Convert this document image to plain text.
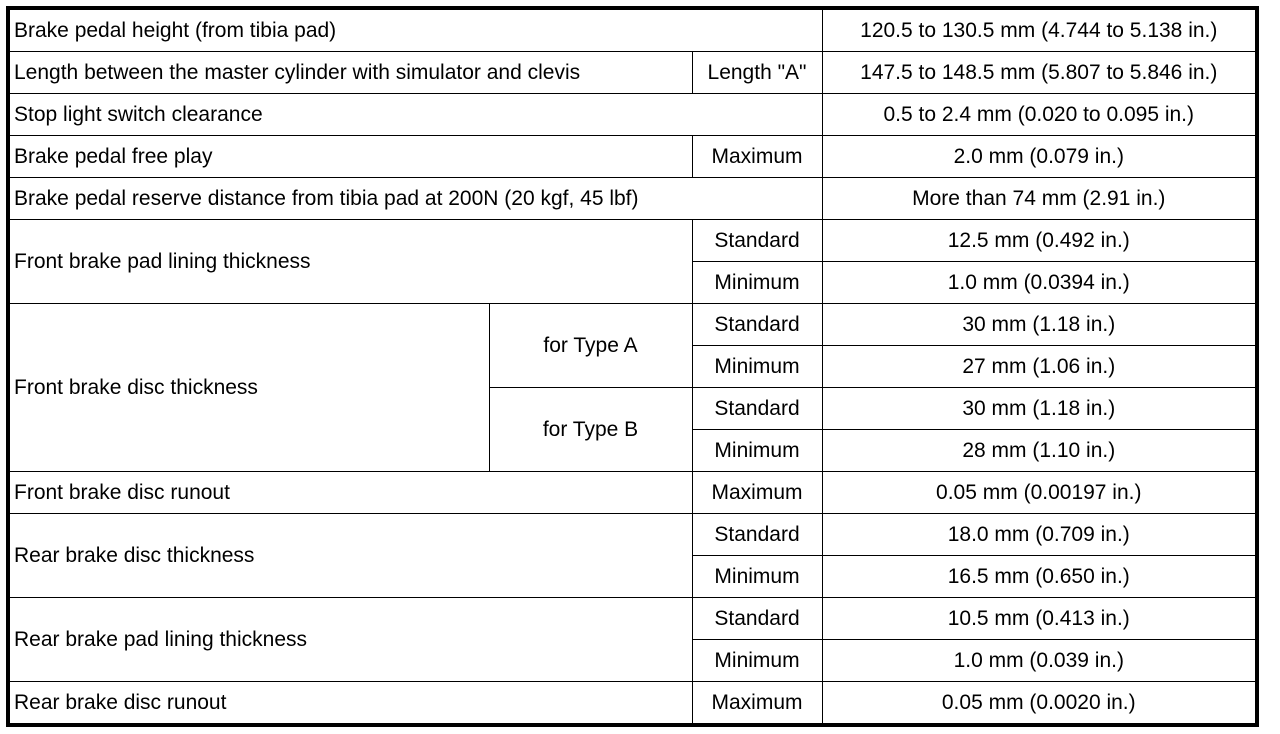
Brake pedal height (from tibia pad)			120.5 to 130.5 mm (4.744 to 5.138 in.)
Length between the master cylinder with simulator and clevis		Length "A"	147.5 to 148.5 mm (5.807 to 5.846 in.)
Stop light switch clearance			0.5 to 2.4 mm (0.020 to 0.095 in.)
Brake pedal free play		Maximum	2.0 mm (0.079 in.)
Brake pedal reserve distance from tibia pad at 200N (20 kgf, 45 lbf)			More than 74 mm (2.91 in.)
Front brake pad lining thickness		Standard	12.5 mm (0.492 in.)
		Minimum	1.0 mm (0.0394 in.)
Front brake disc thickness	for Type A	Standard	30 mm (1.18 in.)
		Minimum	27 mm (1.06 in.)
	for Type B	Standard	30 mm (1.18 in.)
		Minimum	28 mm (1.10 in.)
Front brake disc runout		Maximum	0.05 mm (0.00197 in.)
Rear brake disc thickness		Standard	18.0 mm (0.709 in.)
		Minimum	16.5 mm (0.650 in.)
Rear brake pad lining thickness		Standard	10.5 mm (0.413 in.)
		Minimum	1.0 mm (0.039 in.)
Rear brake disc runout		Maximum	0.05 mm (0.0020 in.)
